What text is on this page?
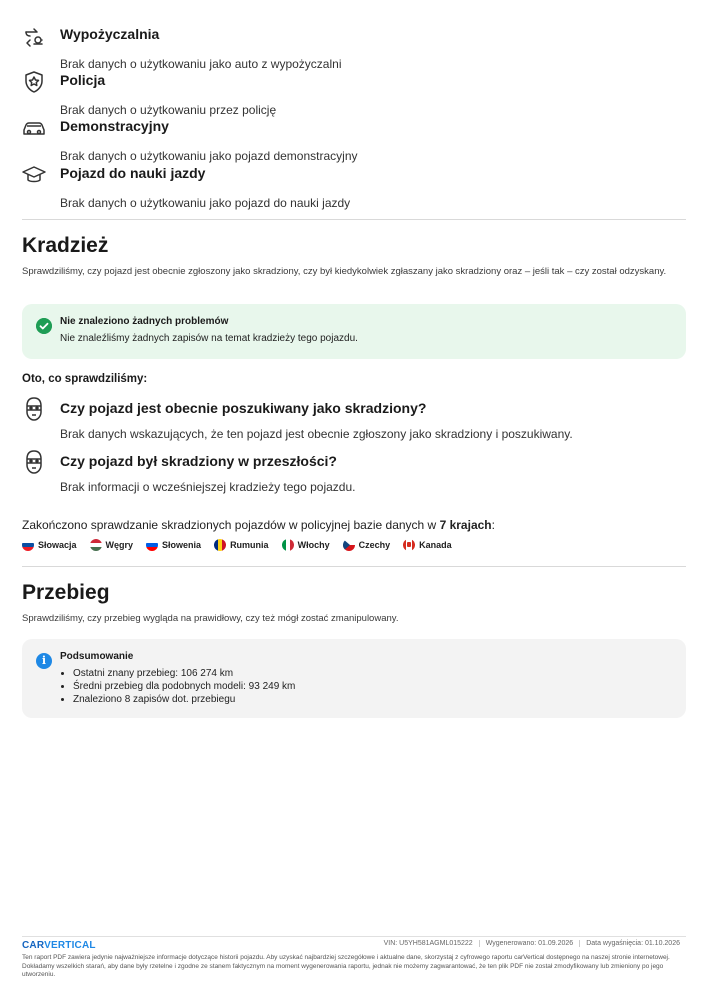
Wypożyczalnia
Brak danych o użytkowaniu jako auto z wypożyczalni
Policja
Brak danych o użytkowaniu przez policję
Demonstracyjny
Brak danych o użytkowaniu jako pojazd demonstracyjny
Pojazd do nauki jazdy
Brak danych o użytkowaniu jako pojazd do nauki jazdy
Kradzież
Sprawdziliśmy, czy pojazd jest obecnie zgłoszony jako skradziony, czy był kiedykolwiek zgłaszany jako skradziony oraz – jeśli tak – czy został odzyskany.
Nie znaleziono żadnych problemów
Nie znaleźliśmy żadnych zapisów na temat kradzieży tego pojazdu.
Oto, co sprawdziliśmy:
Czy pojazd jest obecnie poszukiwany jako skradziony?
Brak danych wskazujących, że ten pojazd jest obecnie zgłoszony jako skradziony i poszukiwany.
Czy pojazd był skradziony w przeszłości?
Brak informacji o wcześniejszej kradzieży tego pojazdu.
Zakończono sprawdzanie skradzionych pojazdów w policyjnej bazie danych w 7 krajach:
Słowacja	Węgry	Słowenia	Rumunia	Włochy	Czechy	Kanada
Przebieg
Sprawdziliśmy, czy przebieg wygląda na prawidłowy, czy też mógł zostać zmanipulowany.
i	Podsumowanie
• Ostatni znany przebieg: 106 274 km
• Średni przebieg dla podobnych modeli: 93 249 km
• Znaleziono 8 zapisów dot. przebiegu
CARVERTICAL	VIN: U5YH581AGML015222	Wygenerowano: 01.09.2026	Data wygaśnięcia: 01.10.2026
Ten raport PDF zawiera jedynie najważniejsze informacje dotyczące historii pojazdu. Aby uzyskać najbardziej szczegółowe i aktualne dane, skorzystaj z cyfrowego raportu carVertical dostępnego na naszej stronie internetowej. Dokładamy wszelkich starań, aby dane były rzetelne i zgodne ze stanem faktycznym na moment wygenerowania raportu, jednak nie możemy zagwarantować, że ten plik PDF nie został zmodyfikowany lub zmieniony po jego utworzeniu.
